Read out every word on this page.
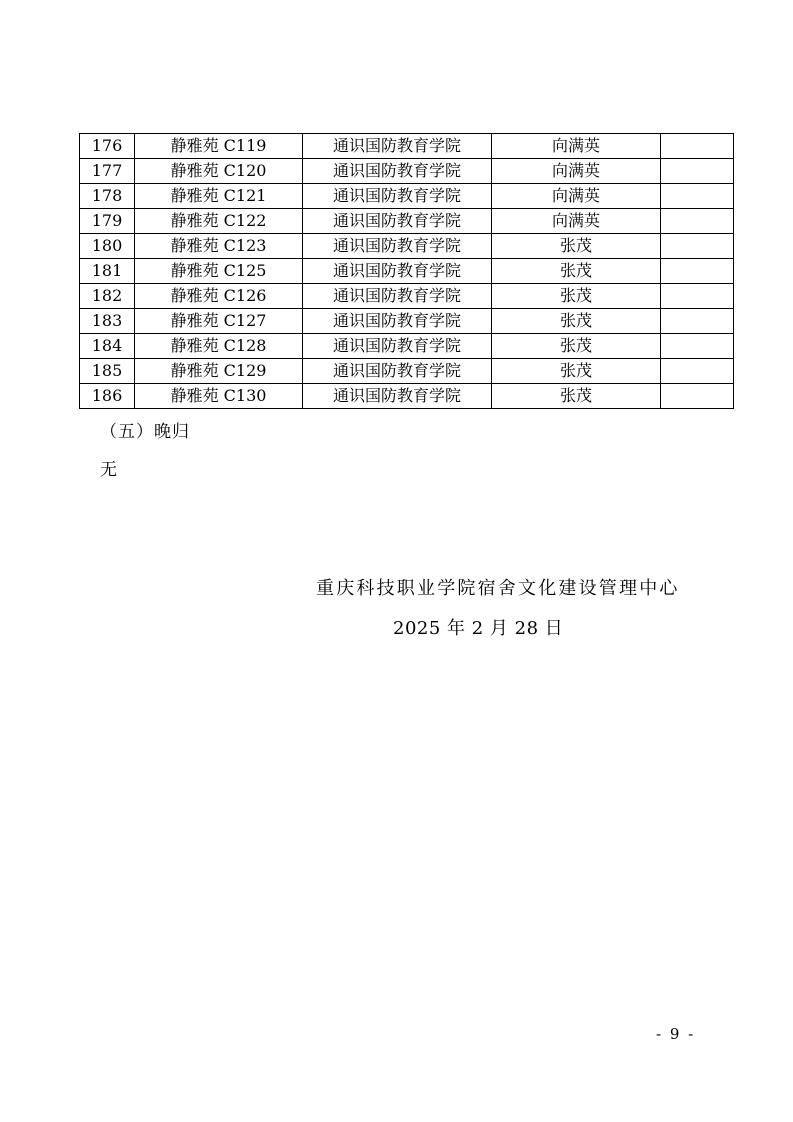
176	静雅苑 C119	通识国防教育学院	向满英	
177	静雅苑 C120	通识国防教育学院	向满英	
178	静雅苑 C121	通识国防教育学院	向满英	
179	静雅苑 C122	通识国防教育学院	向满英	
180	静雅苑 C123	通识国防教育学院	张茂	
181	静雅苑 C125	通识国防教育学院	张茂	
182	静雅苑 C126	通识国防教育学院	张茂	
183	静雅苑 C127	通识国防教育学院	张茂	
184	静雅苑 C128	通识国防教育学院	张茂	
185	静雅苑 C129	通识国防教育学院	张茂	
186	静雅苑 C130	通识国防教育学院	张茂	
（五）晚归
无
重庆科技职业学院宿舍文化建设管理中心
2025 年 2 月 28 日
- 9 -
